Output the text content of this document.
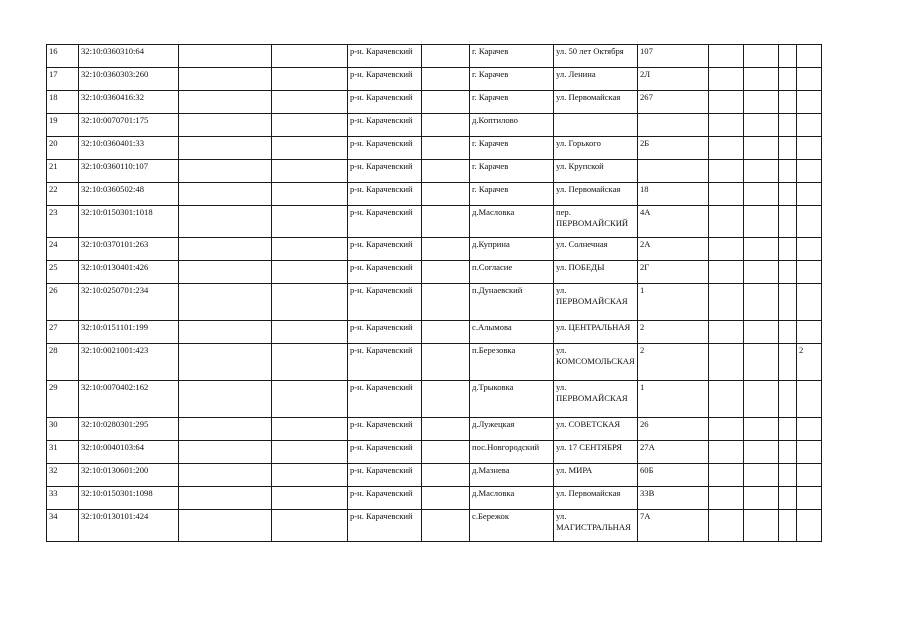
16	32:10:0360310:64			р-н. Карачевский		г. Карачев	ул. 50 лет Октября	107				
17	32:10:0360303:260			р-н. Карачевский		г. Карачев	ул. Ленина	2Л				
18	32:10:0360416:32			р-н. Карачевский		г. Карачев	ул. Первомайская	267				
19	32:10:0070701:175			р-н. Карачевский		д.Коптилово						
20	32:10:0360401:33			р-н. Карачевский		г. Карачев	ул. Горького	2Б				
21	32:10:0360110:107			р-н. Карачевский		г. Карачев	ул. Крупской					
22	32:10:0360502:48			р-н. Карачевский		г. Карачев	ул. Первомайская	18				
23	32:10:0150301:1018			р-н. Карачевский		д.Масловка	пер. ПЕРВОМАЙСКИЙ	4А				
24	32:10:0370101:263			р-н. Карачевский		д.Куприна	ул. Солнечная	2А				
25	32:10:0130401:426			р-н. Карачевский		п.Согласие	ул. ПОБЕДЫ	2Г				
26	32:10:0250701:234			р-н. Карачевский		п.Дунаевский	ул. ПЕРВОМАЙСКАЯ	1				
27	32:10:0151101:199			р-н. Карачевский		с.Алымова	ул. ЦЕНТРАЛЬНАЯ	2				
28	32:10:0021001:423			р-н. Карачевский		п.Березовка	ул. КОМСОМОЛЬСКАЯ	2				2
29	32:10:0070402:162			р-н. Карачевский		д.Трыковка	ул. ПЕРВОМАЙСКАЯ	1				
30	32:10:0280301:295			р-н. Карачевский		д.Лужецкая	ул. СОВЕТСКАЯ	26				
31	32:10:0040103:64			р-н. Карачевский		пос.Новгородский	ул. 17 СЕНТЯБРЯ	27А				
32	32:10:0130601:200			р-н. Карачевский		д.Мазнева	ул. МИРА	60Б				
33	32:10:0150301:1098			р-н. Карачевский		д.Масловка	ул. Первомайская	33В				
34	32:10:0130101:424			р-н. Карачевский		с.Бережок	ул. МАГИСТРАЛЬНАЯ	7А				
